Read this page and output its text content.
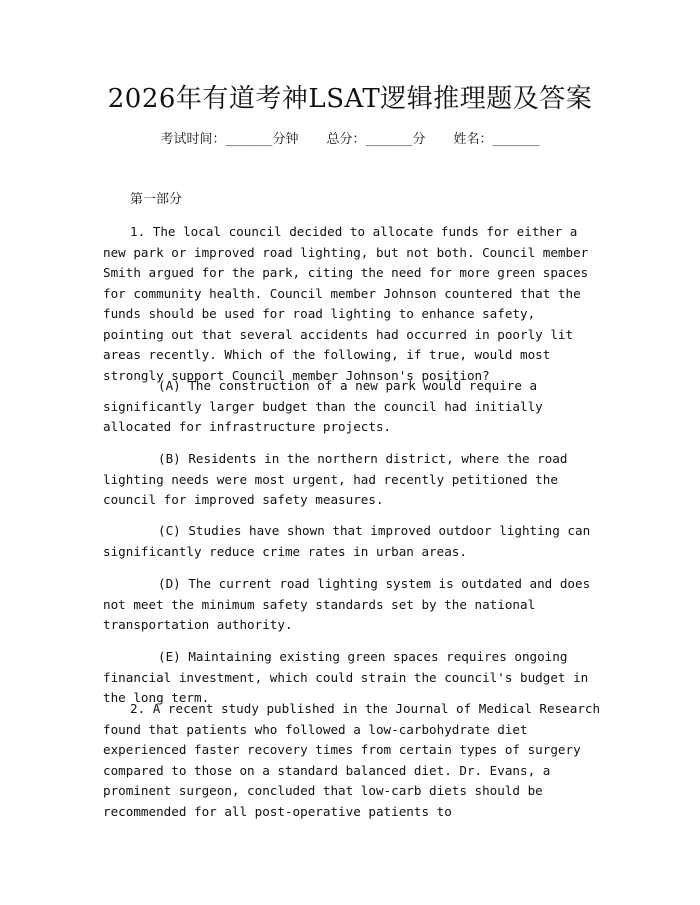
2026年有道考神LSAT逻辑推理题及答案
考试时间：______分钟 总分：______分 姓名：______
第一部分

1. The local council decided to allocate funds for either a new park or improved road lighting, but not both. Council member Smith argued for the park, citing the need for more green spaces for community health. Council member Johnson countered that the funds should be used for road lighting to enhance safety, pointing out that several accidents had occurred in poorly lit areas recently. Which of the following, if true, would most strongly support Council member Johnson's position?

(A) The construction of a new park would require a significantly larger budget than the council had initially allocated for infrastructure projects.

(B) Residents in the northern district, where the road lighting needs were most urgent, had recently petitioned the council for improved safety measures.

(C) Studies have shown that improved outdoor lighting can significantly reduce crime rates in urban areas.

(D) The current road lighting system is outdated and does not meet the minimum safety standards set by the national transportation authority.

(E) Maintaining existing green spaces requires ongoing financial investment, which could strain the council's budget in the long term.

2. A recent study published in the Journal of Medical Research found that patients who followed a low-carbohydrate diet experienced faster recovery times from certain types of surgery compared to those on a standard balanced diet. Dr. Evans, a prominent surgeon, concluded that low-carb diets should be recommended for all post-operative patients to
